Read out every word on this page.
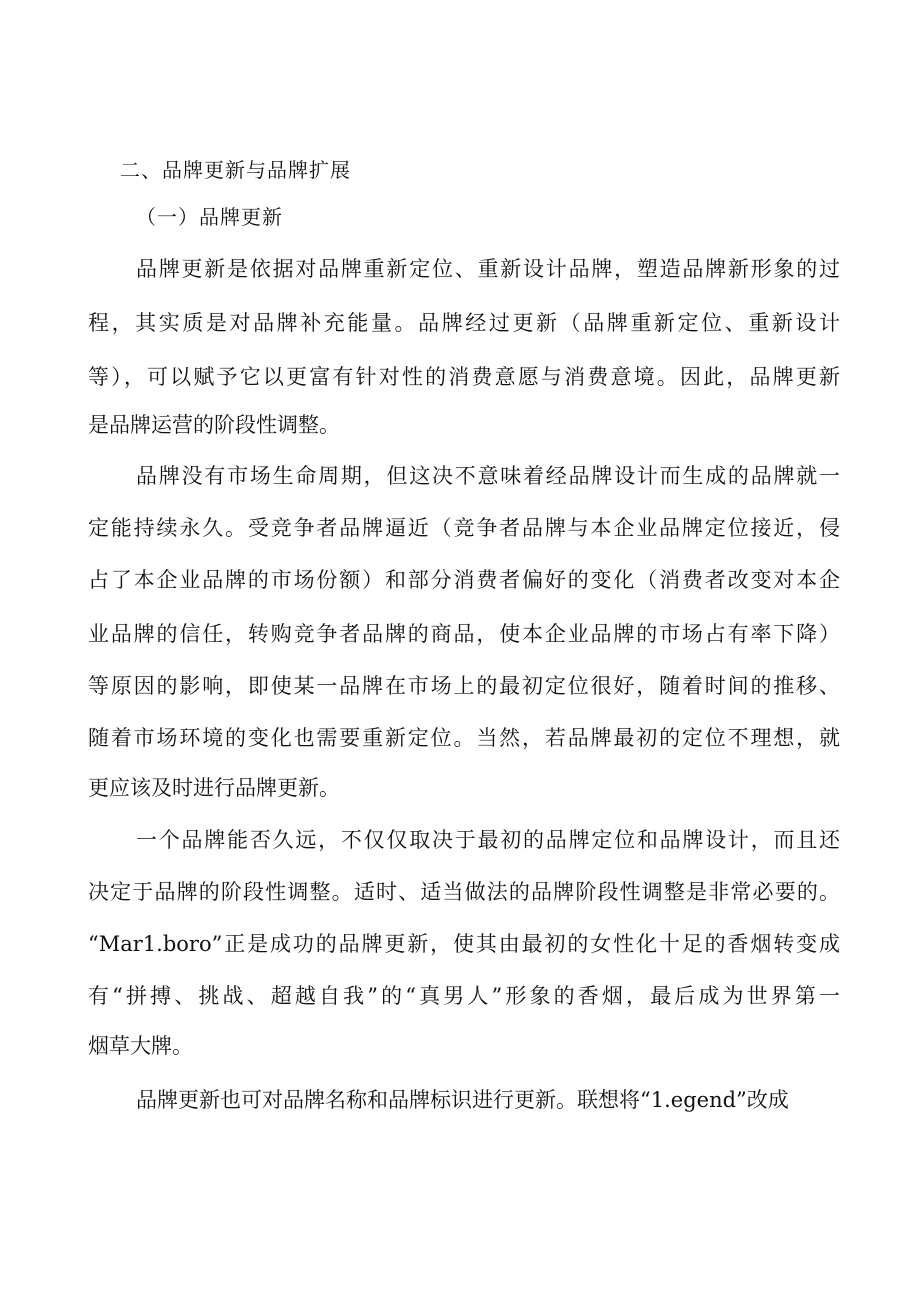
二、品牌更新与品牌扩展
（一）品牌更新
品牌更新是依据对品牌重新定位、重新设计品牌，塑造品牌新形象的过
程，其实质是对品牌补充能量。品牌经过更新（品牌重新定位、重新设计
等），可以赋予它以更富有针对性的消费意愿与消费意境。因此，品牌更新
是品牌运营的阶段性调整。
品牌没有市场生命周期，但这决不意味着经品牌设计而生成的品牌就一
定能持续永久。受竞争者品牌逼近（竞争者品牌与本企业品牌定位接近，侵
占了本企业品牌的市场份额）和部分消费者偏好的变化（消费者改变对本企
业品牌的信任，转购竞争者品牌的商品，使本企业品牌的市场占有率下降）
等原因的影响，即使某一品牌在市场上的最初定位很好，随着时间的推移、
随着市场环境的变化也需要重新定位。当然，若品牌最初的定位不理想，就
更应该及时进行品牌更新。
一个品牌能否久远，不仅仅取决于最初的品牌定位和品牌设计，而且还
决定于品牌的阶段性调整。适时、适当做法的品牌阶段性调整是非常必要的。
“Mar1.boro”正是成功的品牌更新，使其由最初的女性化十足的香烟转变成
有“拼搏、挑战、超越自我”的“真男人”形象的香烟，最后成为世界第一
烟草大牌。
品牌更新也可对品牌名称和品牌标识进行更新。联想将“1.egend”改成
